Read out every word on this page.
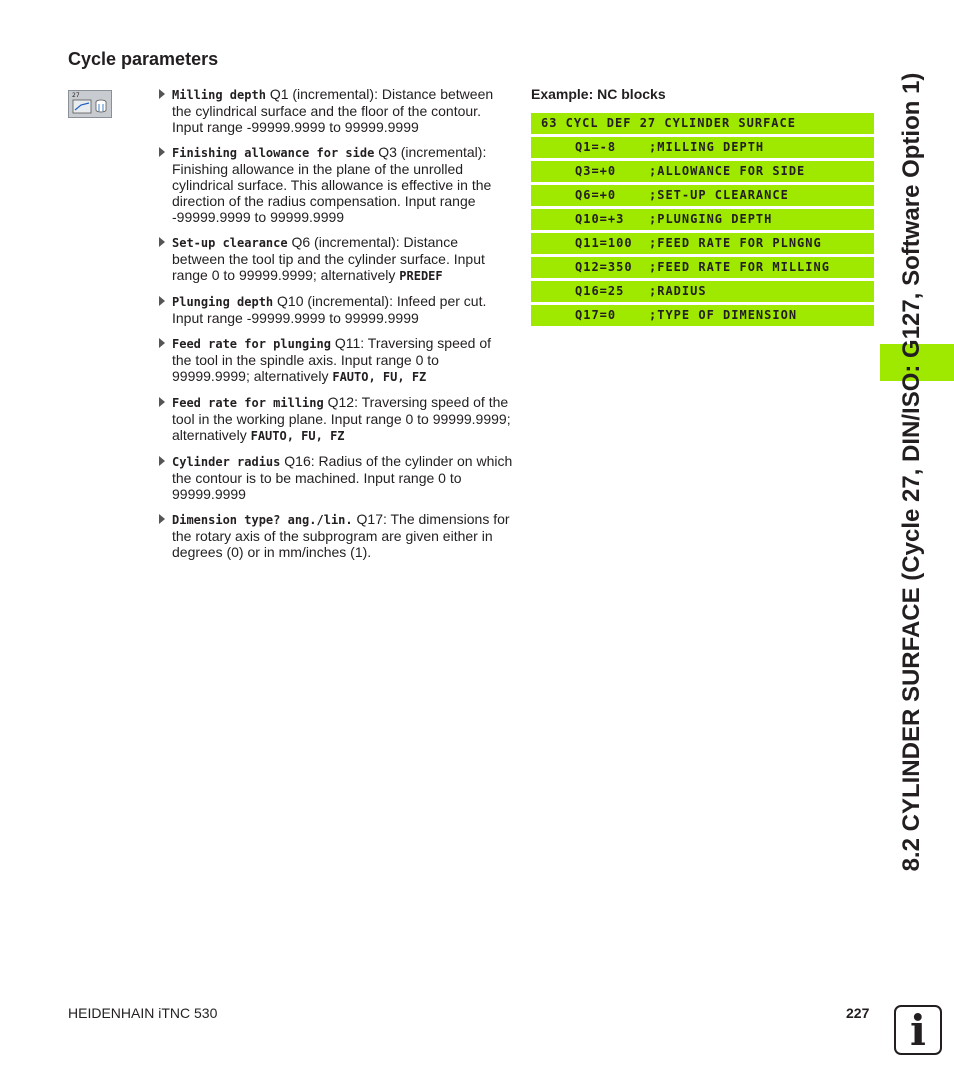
Cycle parameters
27	Milling depth Q1 (incremental): Distance between the cylindrical surface and the floor of the contour. Input range -99999.9999 to 99999.9999
Finishing allowance for side Q3 (incremental): Finishing allowance in the plane of the unrolled cylindrical surface. This allowance is effective in the direction of the radius compensation. Input range -99999.9999 to 99999.9999
Set-up clearance Q6 (incremental): Distance between the tool tip and the cylinder surface. Input range 0 to 99999.9999; alternatively PREDEF
Plunging depth Q10 (incremental): Infeed per cut. Input range -99999.9999 to 99999.9999
Feed rate for plunging Q11: Traversing speed of the tool in the spindle axis. Input range 0 to 99999.9999; alternatively FAUTO, FU, FZ
Feed rate for milling Q12: Traversing speed of the tool in the working plane. Input range 0 to 99999.9999; alternatively FAUTO, FU, FZ
Cylinder radius Q16: Radius of the cylinder on which the contour is to be machined. Input range 0 to 99999.9999
Dimension type? ang./lin. Q17: The dimensions for the rotary axis of the subprogram are given either in degrees (0) or in mm/inches (1).
Example: NC blocks
63 CYCL DEF 27 CYLINDER SURFACE
Q1=-8	;MILLING DEPTH
Q3=+0	;ALLOWANCE FOR SIDE
Q6=+0	;SET-UP CLEARANCE
Q10=+3 ;PLUNGING DEPTH
Q11=100 ;FEED RATE FOR PLNGNG
Q12=350 ;FEED RATE FOR MILLING
Q16=25 ;RADIUS
Q17=0	;TYPE OF DIMENSION	8.2 CYLINDER SURFACE (Cycle 27, DIN/ISO: G127, Software Option 1)
HEIDENHAIN iTNC 530	227 i
